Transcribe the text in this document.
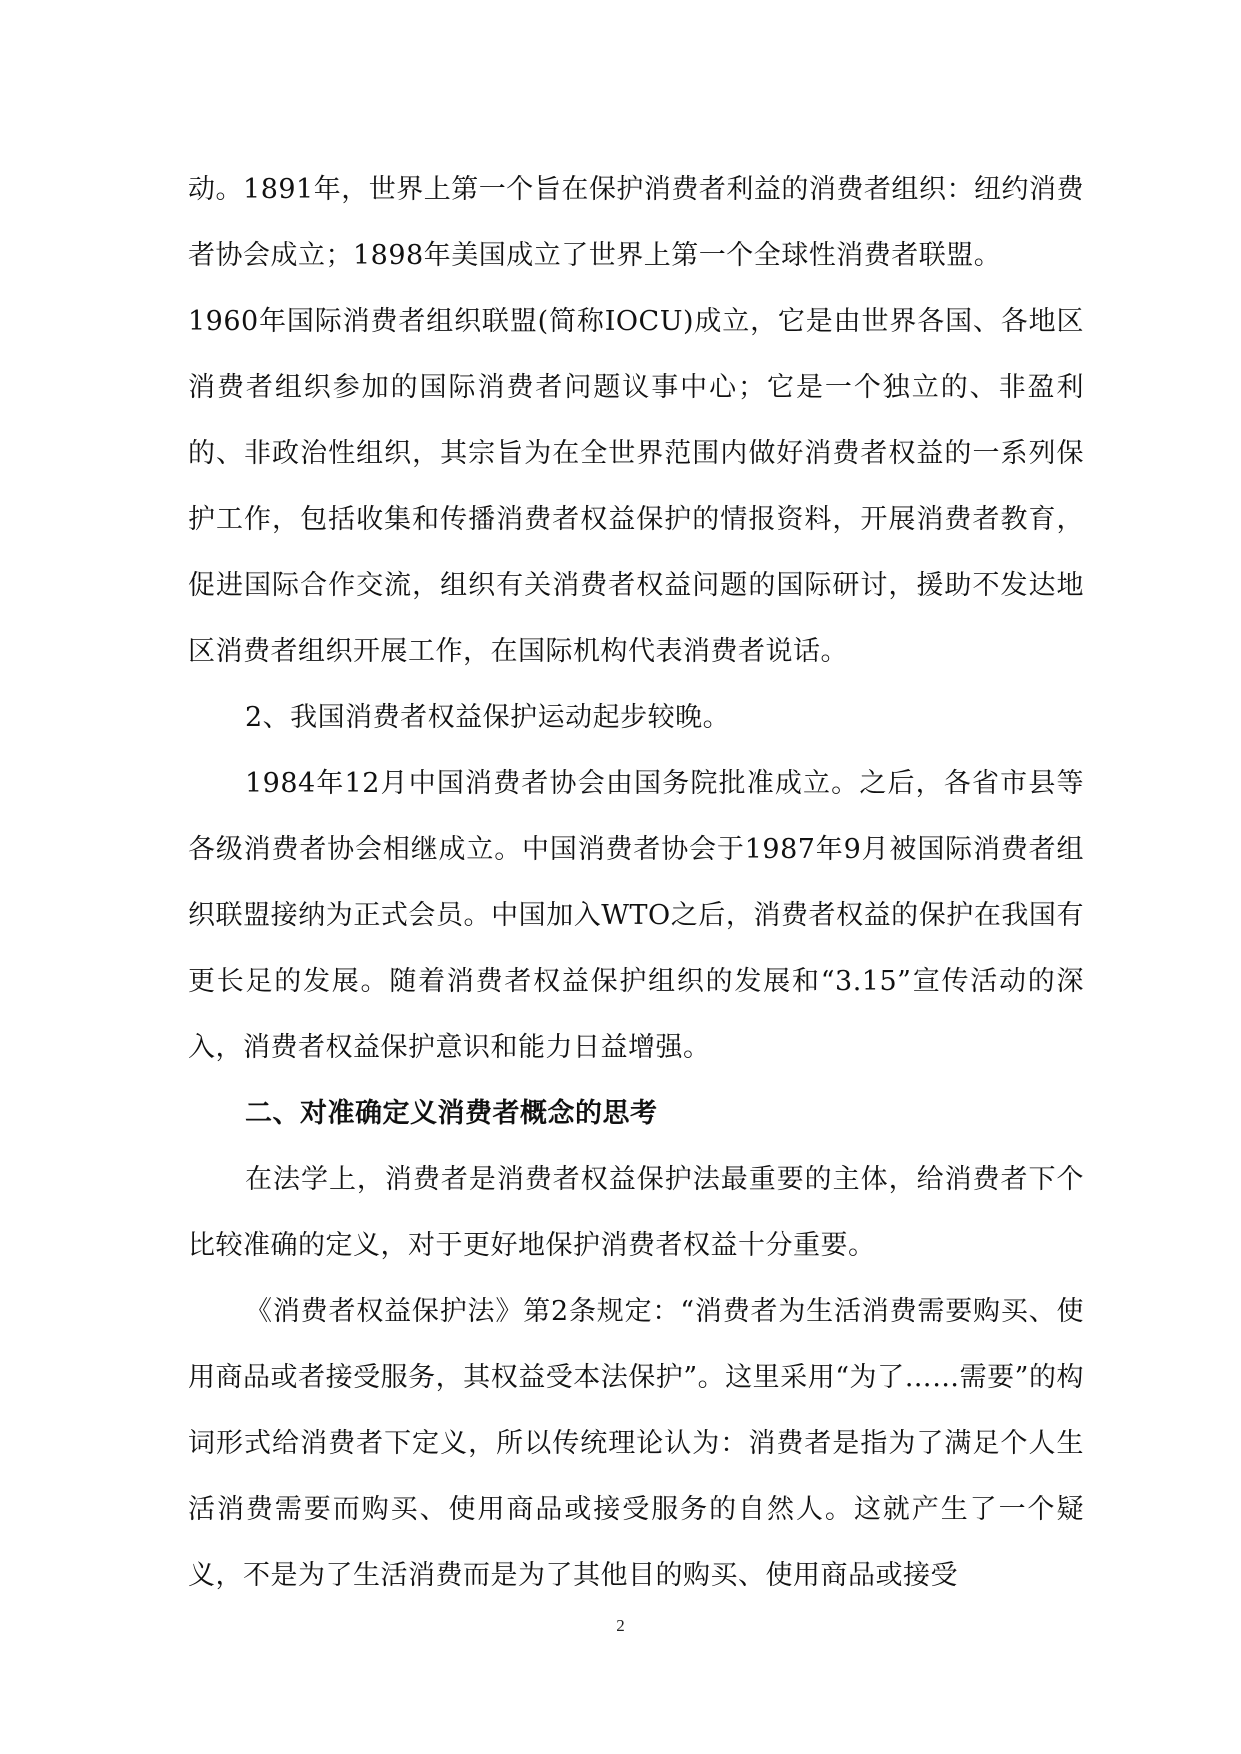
动。1891年，世界上第一个旨在保护消费者利益的消费者组织：纽约消费者协会成立；1898年美国成立了世界上第一个全球性消费者联盟。

1960年国际消费者组织联盟(简称IOCU)成立，它是由世界各国、各地区消费者组织参加的国际消费者问题议事中心；它是一个独立的、非盈利的、非政治性组织，其宗旨为在全世界范围内做好消费者权益的一系列保护工作，包括收集和传播消费者权益保护的情报资料，开展消费者教育，促进国际合作交流，组织有关消费者权益问题的国际研讨，援助不发达地区消费者组织开展工作，在国际机构代表消费者说话。

2、我国消费者权益保护运动起步较晚。

1984年12月中国消费者协会由国务院批准成立。之后，各省市县等各级消费者协会相继成立。中国消费者协会于1987年9月被国际消费者组织联盟接纳为正式会员。中国加入WTO之后，消费者权益的保护在我国有更长足的发展。随着消费者权益保护组织的发展和“3.15”宣传活动的深入，消费者权益保护意识和能力日益增强。

二、对准确定义消费者概念的思考

在法学上，消费者是消费者权益保护法最重要的主体，给消费者下个比较准确的定义，对于更好地保护消费者权益十分重要。

《消费者权益保护法》第2条规定：“消费者为生活消费需要购买、使用商品或者接受服务，其权益受本法保护”。这里采用“为了……需要”的构词形式给消费者下定义，所以传统理论认为：消费者是指为了满足个人生活消费需要而购买、使用商品或接受服务的自然人。这就产生了一个疑义，不是为了生活消费而是为了其他目的购买、使用商品或接受

2
